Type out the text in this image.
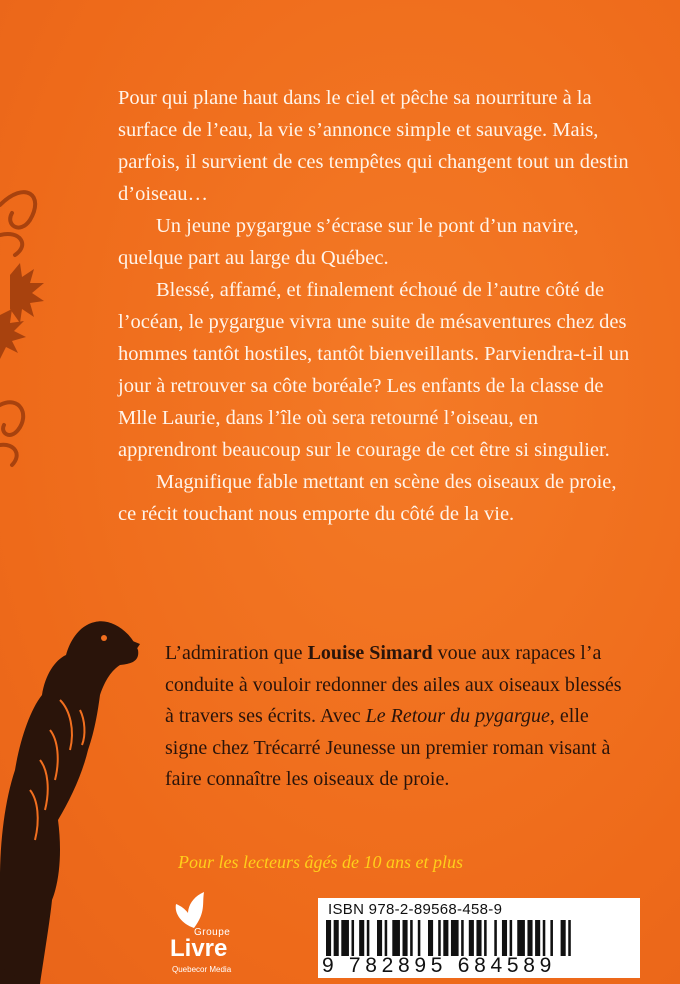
Pour qui plane haut dans le ciel et pêche sa nourriture à la surface de l’eau, la vie s’annonce simple et sauvage. Mais, parfois, il survient de ces tempêtes qui changent tout un destin d’oiseau…

Un jeune pygargue s’écrase sur le pont d’un navire, quelque part au large du Québec.

Blessé, affamé, et finalement échoué de l’autre côté de l’océan, le pygargue vivra une suite de mésaventures chez des hommes tantôt hostiles, tantôt bienveillants. Parviendra-t-il un jour à retrouver sa côte boréale? Les enfants de la classe de Mlle Laurie, dans l’île où sera retourné l’oiseau, en apprendront beaucoup sur le courage de cet être si singulier.

Magnifique fable mettant en scène des oiseaux de proie, ce récit touchant nous emporte du côté de la vie.

L’admiration que Louise Simard voue aux rapaces l’a conduite à vouloir redonner des ailes aux oiseaux blessés à travers ses écrits. Avec Le Retour du pygargue, elle signe chez Trécarré Jeunesse un premier roman visant à faire connaître les oiseaux de proie.

Pour les lecteurs âgés de 10 ans et plus
Groupe
Livre
Quebecor Media
ISBN 978-2-89568-458-9
9 782895 684589
